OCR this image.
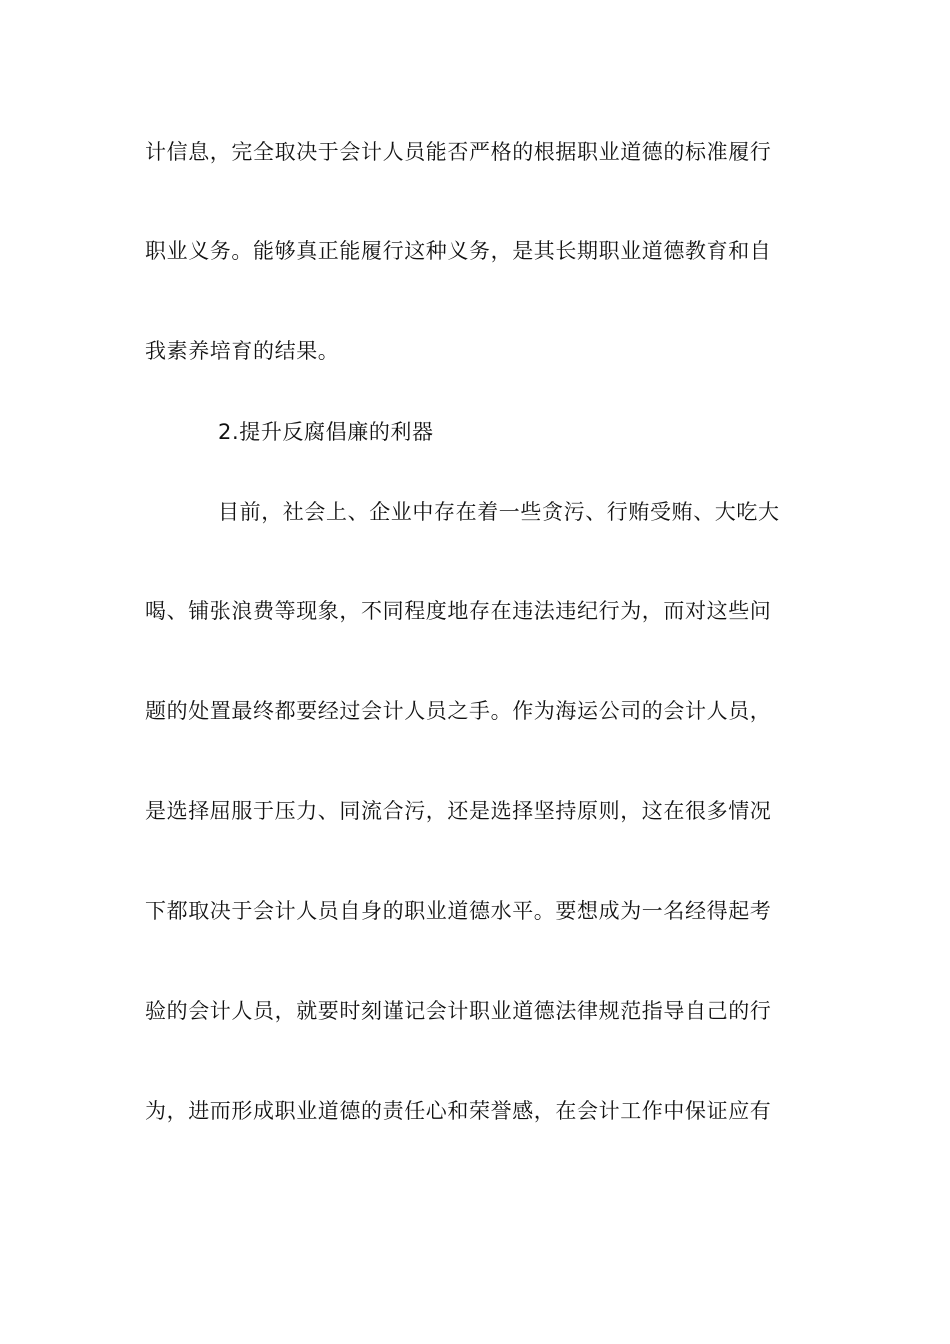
计信息，完全取决于会计人员能否严格的根据职业道德的标准履行
职业义务。能够真正能履行这种义务，是其长期职业道德教育和自
我素养培育的结果。
2.提升反腐倡廉的利器
目前，社会上、企业中存在着一些贪污、行贿受贿、大吃大
喝、铺张浪费等现象，不同程度地存在违法违纪行为，而对这些问
题的处置最终都要经过会计人员之手。作为海运公司的会计人员，
是选择屈服于压力、同流合污，还是选择坚持原则，这在很多情况
下都取决于会计人员自身的职业道德水平。要想成为一名经得起考
验的会计人员，就要时刻谨记会计职业道德法律规范指导自己的行
为，进而形成职业道德的责任心和荣誉感，在会计工作中保证应有
